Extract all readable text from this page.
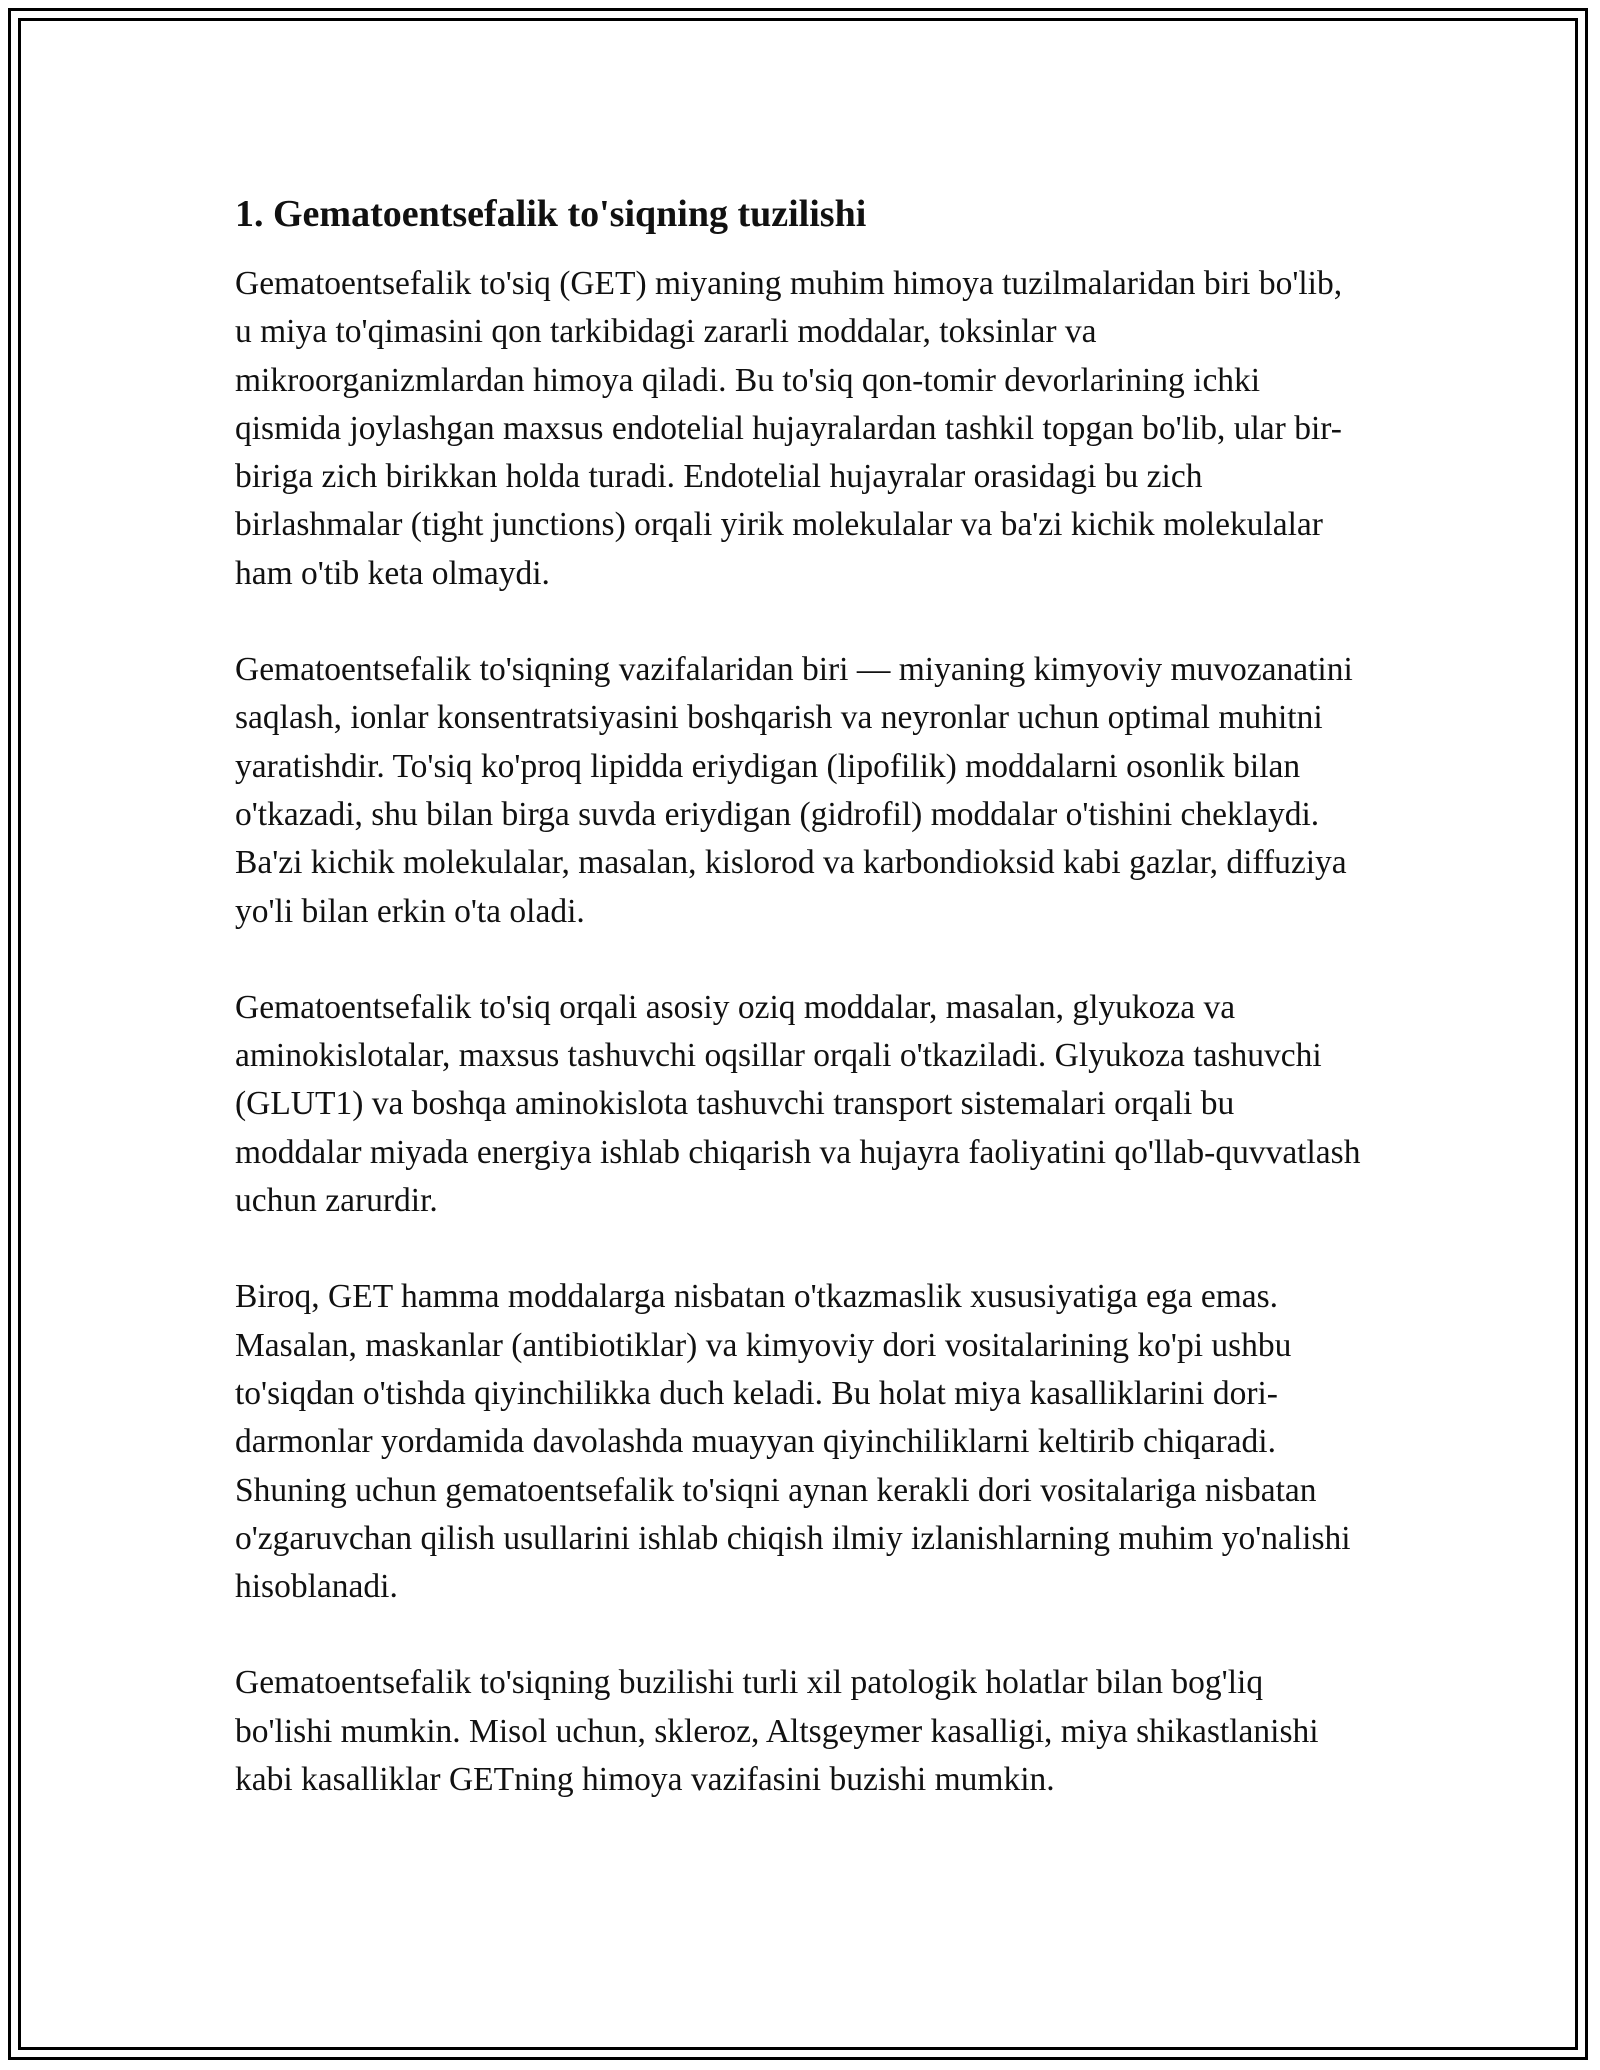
1. Gematoentsefalik to'siqning tuzilishi

Gematoentsefalik to'siq (GET) miyaning muhim himoya tuzilmalaridan biri bo'lib, u miya to'qimasini qon tarkibidagi zararli moddalar, toksinlar va mikroorganizmlardan himoya qiladi. Bu to'siq qon-tomir devorlarining ichki qismida joylashgan maxsus endotelial hujayralardan tashkil topgan bo'lib, ular bir-biriga zich birikkan holda turadi. Endotelial hujayralar orasidagi bu zich birlashmalar (tight junctions) orqali yirik molekulalar va ba'zi kichik molekulalar ham o'tib keta olmaydi.

Gematoentsefalik to'siqning vazifalaridan biri — miyaning kimyoviy muvozanatini saqlash, ionlar konsentratsiyasini boshqarish va neyronlar uchun optimal muhitni yaratishdir. To'siq ko'proq lipidda eriydigan (lipofilik) moddalarni osonlik bilan o'tkazadi, shu bilan birga suvda eriydigan (gidrofil) moddalar o'tishini cheklaydi. Ba'zi kichik molekulalar, masalan, kislorod va karbondioksid kabi gazlar, diffuziya yo'li bilan erkin o'ta oladi.

Gematoentsefalik to'siq orqali asosiy oziq moddalar, masalan, glyukoza va aminokislotalar, maxsus tashuvchi oqsillar orqali o'tkaziladi. Glyukoza tashuvchi (GLUT1) va boshqa aminokislota tashuvchi transport sistemalari orqali bu moddalar miyada energiya ishlab chiqarish va hujayra faoliyatini qo'llab-quvvatlash uchun zarurdir.

Biroq, GET hamma moddalarga nisbatan o'tkazmaslik xususiyatiga ega emas. Masalan, maskanlar (antibiotiklar) va kimyoviy dori vositalarining ko'pi ushbu to'siqdan o'tishda qiyinchilikka duch keladi. Bu holat miya kasalliklarini dori-darmonlar yordamida davolashda muayyan qiyinchiliklarni keltirib chiqaradi. Shuning uchun gematoentsefalik to'siqni aynan kerakli dori vositalariga nisbatan o'zgaruvchan qilish usullarini ishlab chiqish ilmiy izlanishlarning muhim yo'nalishi hisoblanadi.

Gematoentsefalik to'siqning buzilishi turli xil patologik holatlar bilan bog'liq bo'lishi mumkin. Misol uchun, skleroz, Altsgeymer kasalligi, miya shikastlanishi kabi kasalliklar GETning himoya vazifasini buzishi mumkin.
